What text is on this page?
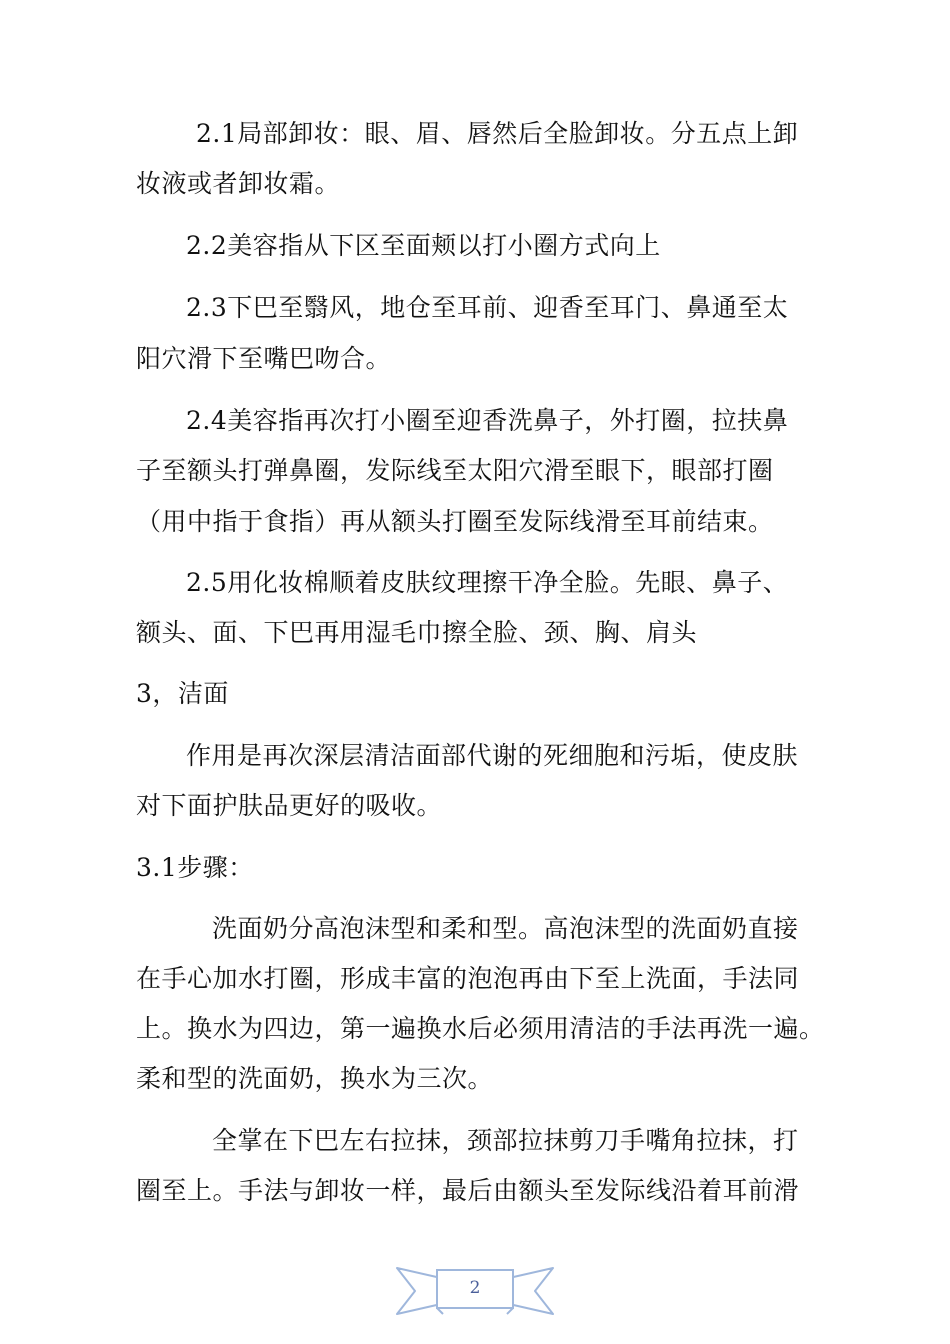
2.1局部卸妆：眼、眉、唇然后全脸卸妆。分五点上卸

妆液或者卸妆霜。

2.2美容指从下区至面颊以打小圈方式向上

2.3下巴至翳风，地仓至耳前、迎香至耳门、鼻通至太

阳穴滑下至嘴巴吻合。

2.4美容指再次打小圈至迎香洗鼻子，外打圈，拉扶鼻

子至额头打弹鼻圈，发际线至太阳穴滑至眼下，眼部打圈

（用中指于食指）再从额头打圈至发际线滑至耳前结束。

2.5用化妆棉顺着皮肤纹理擦干净全脸。先眼、鼻子、

额头、面、下巴再用湿毛巾擦全脸、颈、胸、肩头

3，洁面

作用是再次深层清洁面部代谢的死细胞和污垢，使皮肤

对下面护肤品更好的吸收。

3.1步骤：

洗面奶分高泡沫型和柔和型。高泡沫型的洗面奶直接

在手心加水打圈，形成丰富的泡泡再由下至上洗面，手法同

上。换水为四边，第一遍换水后必须用清洁的手法再洗一遍。

柔和型的洗面奶，换水为三次。

全掌在下巴左右拉抹，颈部拉抹剪刀手嘴角拉抹，打

圈至上。手法与卸妆一样，最后由额头至发际线沿着耳前滑

2
